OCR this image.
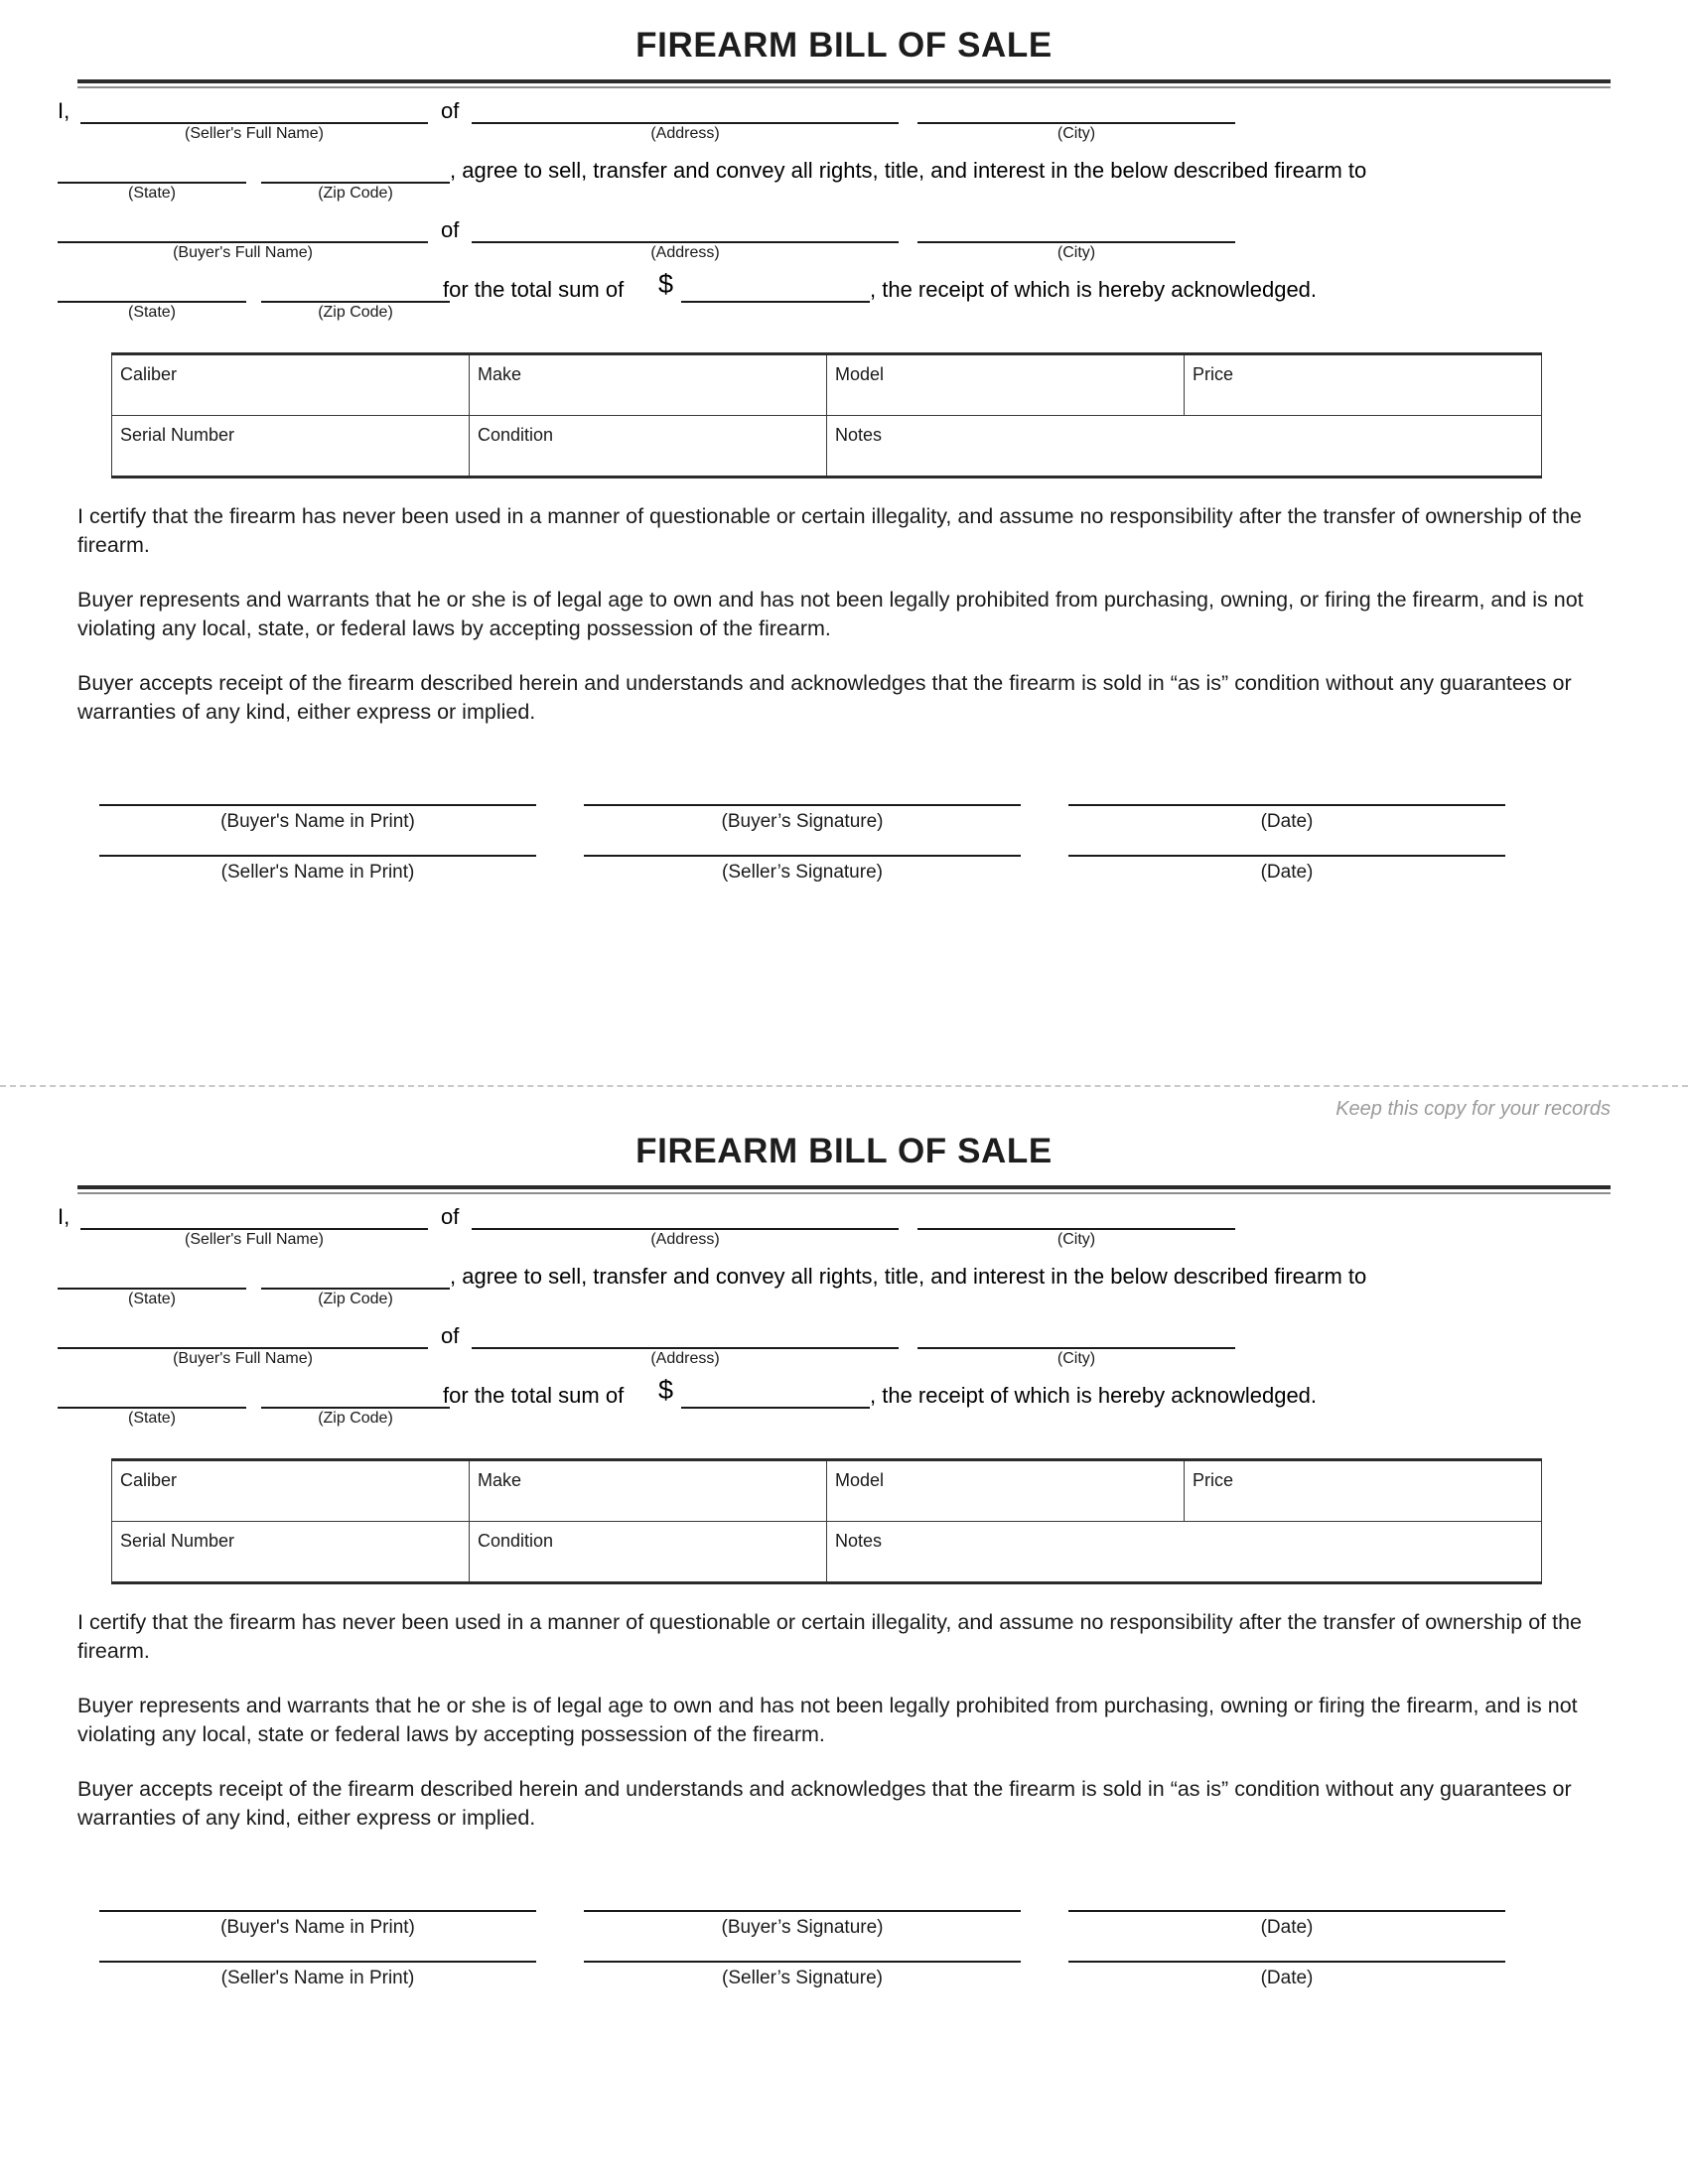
FIREARM BILL OF SALE
I,
(Seller's Full Name)
of
(Address)	(City)
(State)	(Zip Code)
, agree to sell, transfer and convey all rights, title, and interest in the below described firearm to
(Buyer's Full Name)
of
(Address)	(City)
(State)	(Zip Code)
for the total sum of $	, the receipt of which is hereby acknowledged.
Caliber	Make	Model	Price
Serial Number	Condition	Notes	

I certify that the firearm has never been used in a manner of questionable or certain illegality, and assume no responsibility after the transfer of ownership of the firearm.

Buyer represents and warrants that he or she is of legal age to own and has not been legally prohibited from purchasing, owning, or firing the firearm, and is not violating any local, state, or federal laws by accepting possession of the firearm.

Buyer accepts receipt of the firearm described herein and understands and acknowledges that the firearm is sold in “as is” condition without any guarantees or warranties of any kind, either express or implied.

(Buyer's Name in Print)	(Buyer’s Signature)	(Date)
(Seller's Name in Print)	(Seller’s Signature)	(Date)
Keep this copy for your records
FIREARM BILL OF SALE
I,
(Seller's Full Name)
of
(Address)	(City)
(State)	(Zip Code)
, agree to sell, transfer and convey all rights, title, and interest in the below described firearm to
(Buyer's Full Name)
of
(Address)	(City)
(State)	(Zip Code)
for the total sum of $	, the receipt of which is hereby acknowledged.
Caliber	Make	Model	Price
Serial Number	Condition	Notes	

I certify that the firearm has never been used in a manner of questionable or certain illegality, and assume no responsibility after the transfer of ownership of the firearm.

Buyer represents and warrants that he or she is of legal age to own and has not been legally prohibited from purchasing, owning or firing the firearm, and is not violating any local, state or federal laws by accepting possession of the firearm.

Buyer accepts receipt of the firearm described herein and understands and acknowledges that the firearm is sold in “as is” condition without any guarantees or warranties of any kind, either express or implied.

(Buyer's Name in Print)	(Buyer’s Signature)	(Date)
(Seller's Name in Print)	(Seller’s Signature)	(Date)
